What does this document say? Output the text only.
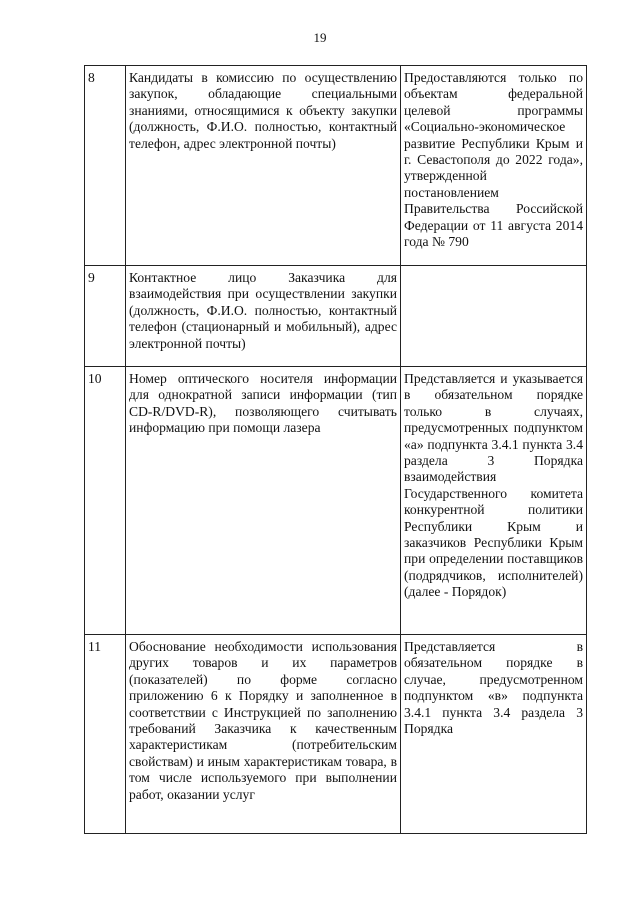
19
8	Кандидаты в комиссию по осуществлению закупок, обладающие специальными знаниями, относящимися к объекту закупки (должность, Ф.И.О. полностью, контактный телефон, адрес электронной почты)	Предоставляются только по объектам федеральной целевой программы «Социально-экономическое развитие Республики Крым и г. Севастополя до 2022 года», утвержденной постановлением Правительства Российской Федерации от 11 августа 2014 года № 790
9	Контактное лицо Заказчика для взаимодействия при осуществлении закупки (должность, Ф.И.О. полностью, контактный телефон (стационарный и мобильный), адрес электронной почты)	
10	Номер оптического носителя информации для однократной записи информации (тип CD-R/DVD-R), позволяющего считывать информацию при помощи лазера	Представляется и указывается в обязательном порядке только в случаях, предусмотренных подпунктом «а» подпункта 3.4.1 пункта 3.4 раздела 3 Порядка взаимодействия Государственного комитета конкурентной политики Республики Крым и заказчиков Республики Крым при определении поставщиков (подрядчиков, исполнителей) (далее - Порядок)
11	Обоснование необходимости использования других товаров и их параметров (показателей) по форме согласно приложению 6 к Порядку и заполненное в соответствии с Инструкцией по заполнению требований Заказчика к качественным характеристикам (потребительским свойствам) и иным характеристикам товара, в том числе используемого при выполнении работ, оказании услуг	Представляется в обязательном порядке в случае, предусмотренном подпунктом «в» подпункта 3.4.1 пункта 3.4 раздела 3 Порядка
